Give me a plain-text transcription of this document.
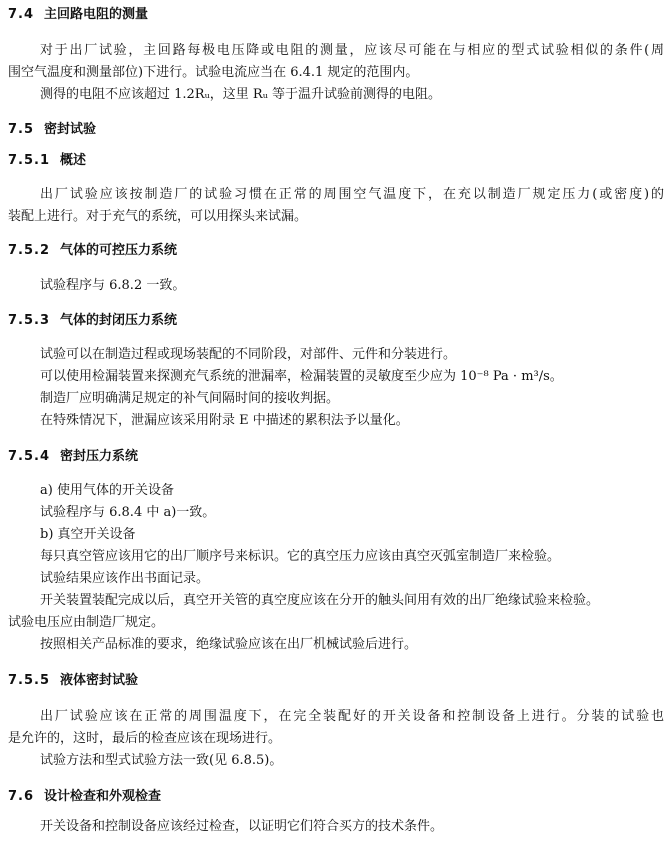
7.4 主回路电阻的测量
对于出厂试验，主回路每极电压降或电阻的测量，应该尽可能在与相应的型式试验相似的条件(周
围空气温度和测量部位)下进行。试验电流应当在 6.4.1 规定的范围内。
测得的电阻不应该超过 1.2Rᵤ，这里 Rᵤ 等于温升试验前测得的电阻。
7.5 密封试验
7.5.1 概述
出厂试验应该按制造厂的试验习惯在正常的周围空气温度下，在充以制造厂规定压力(或密度)的
装配上进行。对于充气的系统，可以用探头来试漏。
7.5.2 气体的可控压力系统
试验程序与 6.8.2 一致。
7.5.3 气体的封闭压力系统
试验可以在制造过程或现场装配的不同阶段，对部件、元件和分装进行。
可以使用检漏装置来探测充气系统的泄漏率，检漏装置的灵敏度至少应为 10⁻⁸ Pa · m³/s。
制造厂应明确满足规定的补气间隔时间的接收判据。
在特殊情况下，泄漏应该采用附录 E 中描述的累积法予以量化。
7.5.4 密封压力系统
a) 使用气体的开关设备
试验程序与 6.8.4 中 a)一致。
b) 真空开关设备
每只真空管应该用它的出厂顺序号来标识。它的真空压力应该由真空灭弧室制造厂来检验。
试验结果应该作出书面记录。
开关装置装配完成以后，真空开关管的真空度应该在分开的触头间用有效的出厂绝缘试验来检验。
试验电压应由制造厂规定。
按照相关产品标准的要求，绝缘试验应该在出厂机械试验后进行。
7.5.5 液体密封试验
出厂试验应该在正常的周围温度下，在完全装配好的开关设备和控制设备上进行。分装的试验也
是允许的，这时，最后的检查应该在现场进行。
试验方法和型式试验方法一致(见 6.8.5)。
7.6 设计检查和外观检查
开关设备和控制设备应该经过检查，以证明它们符合买方的技术条件。
